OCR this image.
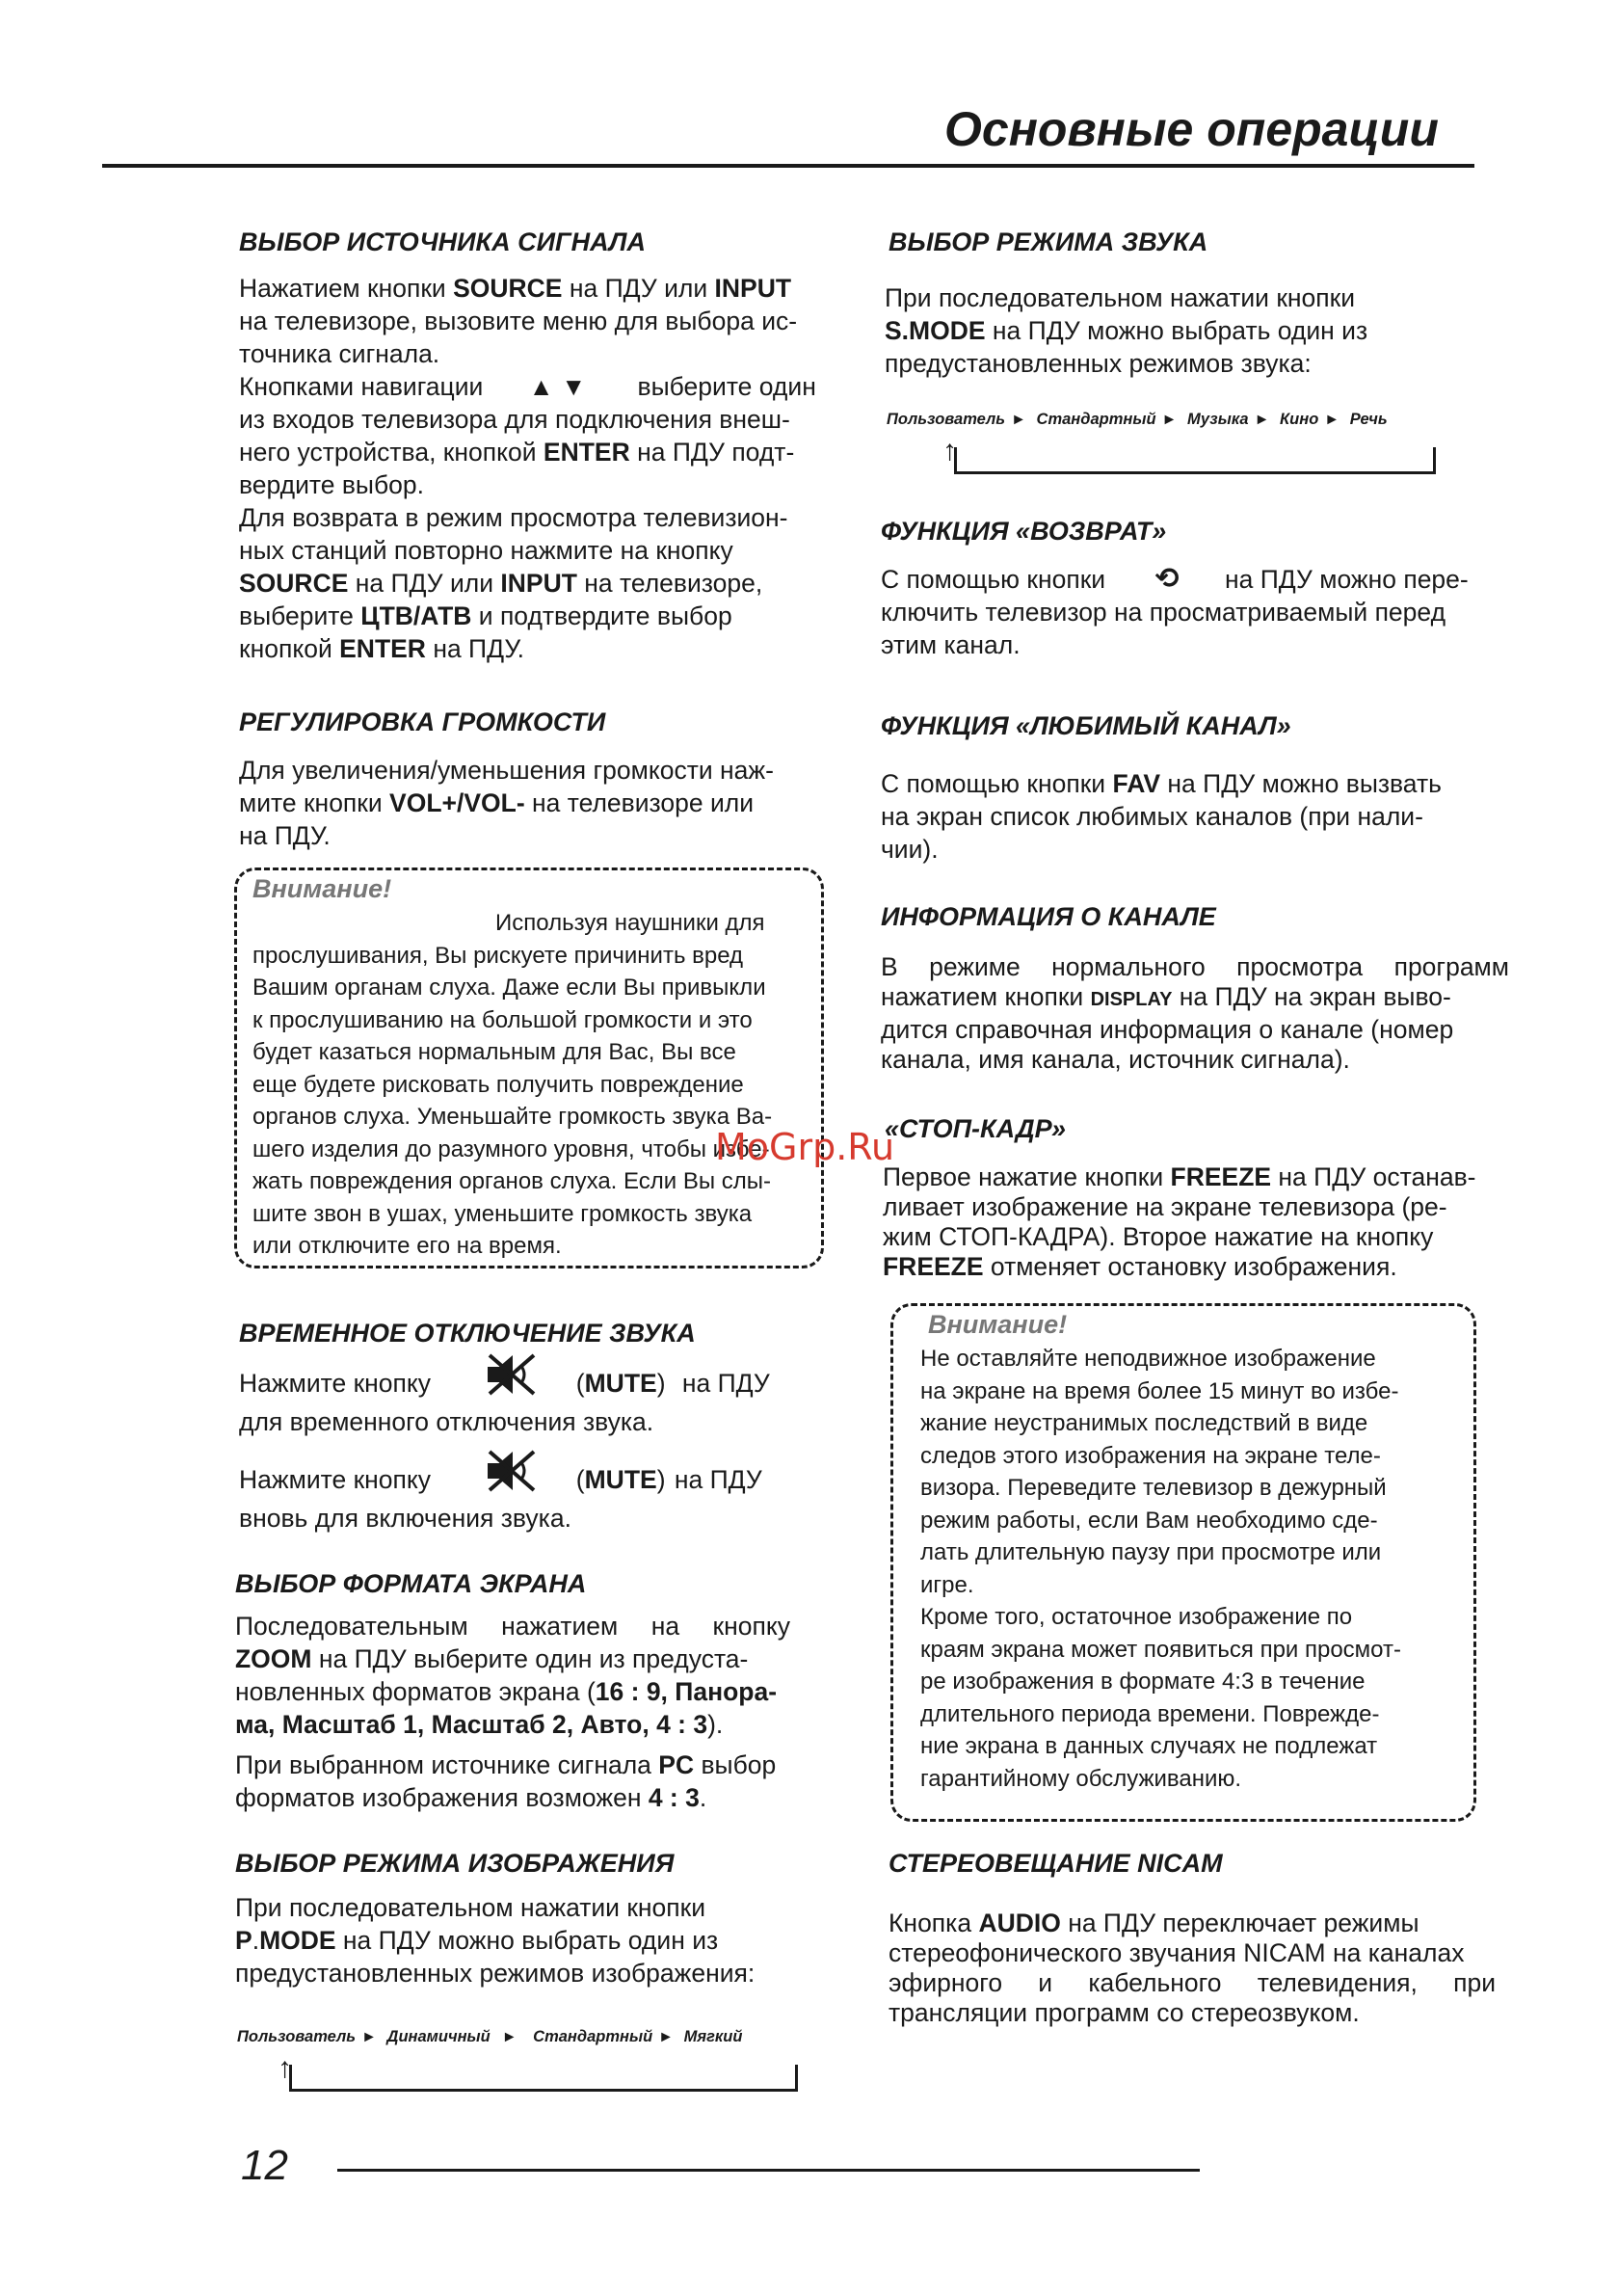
Основные операции
ВЫБОР ИСТОЧНИКА СИГНАЛА
Нажатием кнопки SOURCE на ПДУ или INPUT
на телевизоре, вызовите меню для выбора ис-
точника сигнала.
Кнопками навигации ▲▼ выберите один
из входов телевизора для подключения внеш-
него устройства, кнопкой ENTER на ПДУ подт-
вердите выбор.
Для возврата в режим просмотра телевизион-
ных станций повторно нажмите на кнопку
SOURCE на ПДУ или INPUT на телевизоре,
выберите ЦТВ/АТВ и подтвердите выбор
кнопкой ENTER на ПДУ.
РЕГУЛИРОВКА ГРОМКОСТИ
Для увеличения/уменьшения громкости наж-
мите кнопки VOL+/VOL- на телевизоре или
на ПДУ.
Внимание!
Используя наушники для
прослушивания, Вы рискуете причинить вред
Вашим органам слуха. Даже если Вы привыкли
к прослушиванию на большой громкости и это
будет казаться нормальным для Вас, Вы все
еще будете рисковать получить повреждение
органов слуха. Уменьшайте громкость звука Ва-
шего изделия до разумного уровня, чтобы избе-
жать повреждения органов слуха. Если Вы слы-
шите звон в ушах, уменьшите громкость звука
или отключите его на время.
ВРЕМЕННОЕ ОТКЛЮЧЕНИЕ ЗВУКА
Нажмите кнопку	(MUTE) на ПДУ
для временного отключения звука.
Нажмите кнопку	(MUTE) на ПДУ
вновь для включения звука.
ВЫБОР ФОРМАТА ЭКРАНА
Последовательным нажатием на кнопку
ZOOM на ПДУ выберите один из предуста-
новленных форматов экрана (16 : 9, Панора-
ма, Масштаб 1, Масштаб 2, Авто, 4 : 3).
При выбранном источнике сигнала PC выбор
форматов изображения возможен 4 : 3.
ВЫБОР РЕЖИМА ИЗОБРАЖЕНИЯ
При последовательном нажатии кнопки
P.MODE на ПДУ можно выбрать один из
предустановленных режимов изображения:
Пользователь ► Динамичный ► Стандартный ► Мягкий
↑
ВЫБОР РЕЖИМА ЗВУКА
При последовательном нажатии кнопки
S.MODE на ПДУ можно выбрать один из
предустановленных режимов звука:
Пользователь ► Стандартный ► Музыка ► Кино ► Речь
↑
ФУНКЦИЯ «ВОЗВРАТ»
С помощью кнопки ⟲ на ПДУ можно пере-
ключить телевизор на просматриваемый перед
этим канал.
ФУНКЦИЯ «ЛЮБИМЫЙ КАНАЛ»
С помощью кнопки FAV на ПДУ можно вызвать
на экран список любимых каналов (при нали-
чии).
ИНФОРМАЦИЯ О КАНАЛЕ
В режиме нормального просмотра программ
нажатием кнопки DISPLAY на ПДУ на экран выво-
дится справочная информация о канале (номер
канала, имя канала, источник сигнала).
«СТОП-КАДР»
Первое нажатие кнопки FREEZE на ПДУ останав-
ливает изображение на экране телевизора (ре-
жим СТОП-КАДРА). Второе нажатие на кнопку
FREEZE отменяет остановку изображения.
Внимание!
Не оставляйте неподвижное изображение
на экране на время более 15 минут во избе-
жание неустранимых последствий в виде
следов этого изображения на экране теле-
визора. Переведите телевизор в дежурный
режим работы, если Вам необходимо сде-
лать длительную паузу при просмотре или
игре.
Кроме того, остаточное изображение по
краям экрана может появиться при просмот-
ре изображения в формате 4:3 в течение
длительного периода времени. Поврежде-
ние экрана в данных случаях не подлежат
гарантийному обслуживанию.
СТЕРЕОВЕЩАНИЕ NICAM
Кнопка AUDIO на ПДУ переключает режимы
стереофонического звучания NICAM на каналах
эфирного и кабельного телевидения, при
трансляции программ со стереозвуком.
MoGrp.Ru
12
